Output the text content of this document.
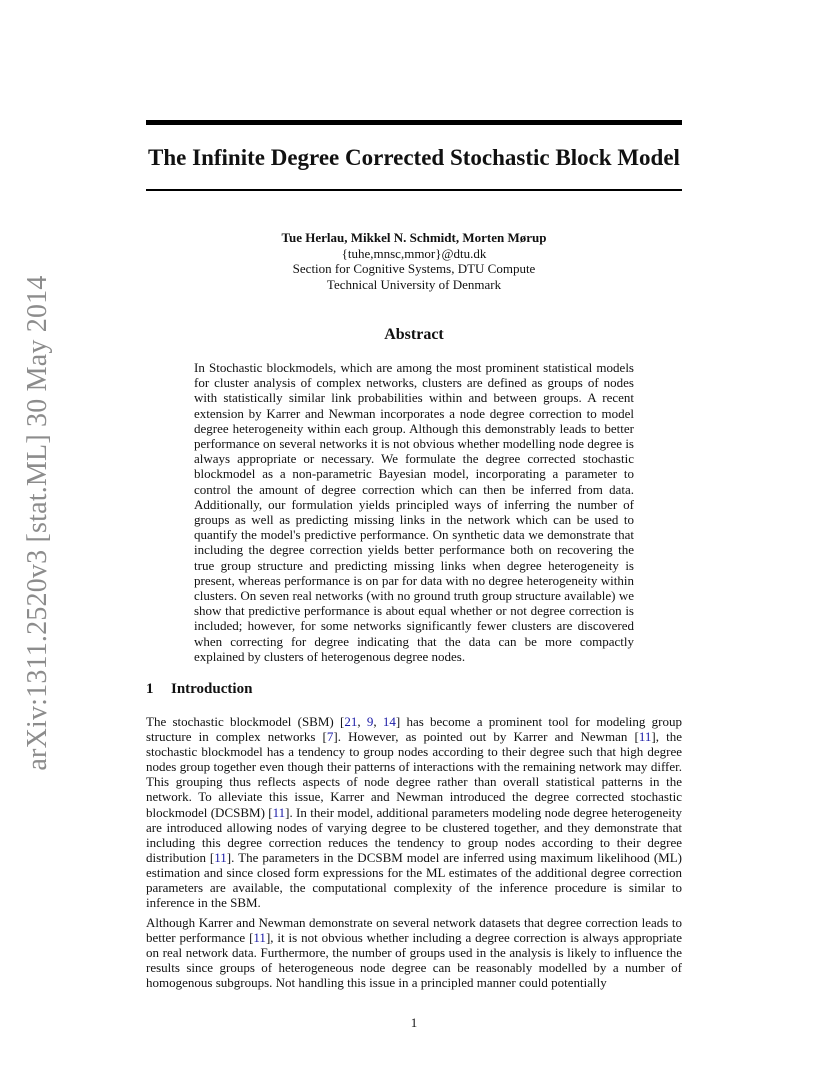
arXiv:1311.2520v3 [stat.ML] 30 May 2014
The Infinite Degree Corrected Stochastic Block Model
Tue Herlau, Mikkel N. Schmidt, Morten Mørup
{tuhe,mnsc,mmor}@dtu.dk
Section for Cognitive Systems, DTU Compute
Technical University of Denmark
Abstract
In Stochastic blockmodels, which are among the most prominent statistical models for cluster analysis of complex networks, clusters are defined as groups of nodes with statistically similar link probabilities within and between groups. A recent extension by Karrer and Newman incorporates a node degree correction to model degree heterogeneity within each group. Although this demonstrably leads to better performance on several networks it is not obvious whether modelling node degree is always appropriate or necessary. We formulate the degree corrected stochastic blockmodel as a non-parametric Bayesian model, incorporating a parameter to control the amount of degree correction which can then be inferred from data. Additionally, our formulation yields principled ways of inferring the number of groups as well as predicting missing links in the network which can be used to quantify the model's predictive performance. On synthetic data we demonstrate that including the degree correction yields better performance both on recovering the true group structure and predicting missing links when degree heterogeneity is present, whereas performance is on par for data with no degree heterogeneity within clusters. On seven real networks (with no ground truth group structure available) we show that predictive performance is about equal whether or not degree correction is included; however, for some networks significantly fewer clusters are discovered when correcting for degree indicating that the data can be more compactly explained by clusters of heterogenous degree nodes.
1 Introduction

The stochastic blockmodel (SBM) [21, 9, 14] has become a prominent tool for modeling group structure in complex networks [7]. However, as pointed out by Karrer and Newman [11], the stochastic blockmodel has a tendency to group nodes according to their degree such that high degree nodes group together even though their patterns of interactions with the remaining network may differ. This grouping thus reflects aspects of node degree rather than overall statistical patterns in the network. To alleviate this issue, Karrer and Newman introduced the degree corrected stochastic blockmodel (DCSBM) [11]. In their model, additional parameters modeling node degree heterogeneity are introduced allowing nodes of varying degree to be clustered together, and they demonstrate that including this degree correction reduces the tendency to group nodes according to their degree distribution [11]. The parameters in the DCSBM model are inferred using maximum likelihood (ML) estimation and since closed form expressions for the ML estimates of the additional degree correction parameters are available, the computational complexity of the inference procedure is similar to inference in the SBM.

Although Karrer and Newman demonstrate on several network datasets that degree correction leads to better performance [11], it is not obvious whether including a degree correction is always appropriate on real network data. Furthermore, the number of groups used in the analysis is likely to influence the results since groups of heterogeneous node degree can be reasonably modelled by a number of homogenous subgroups. Not handling this issue in a principled manner could potentially

1
